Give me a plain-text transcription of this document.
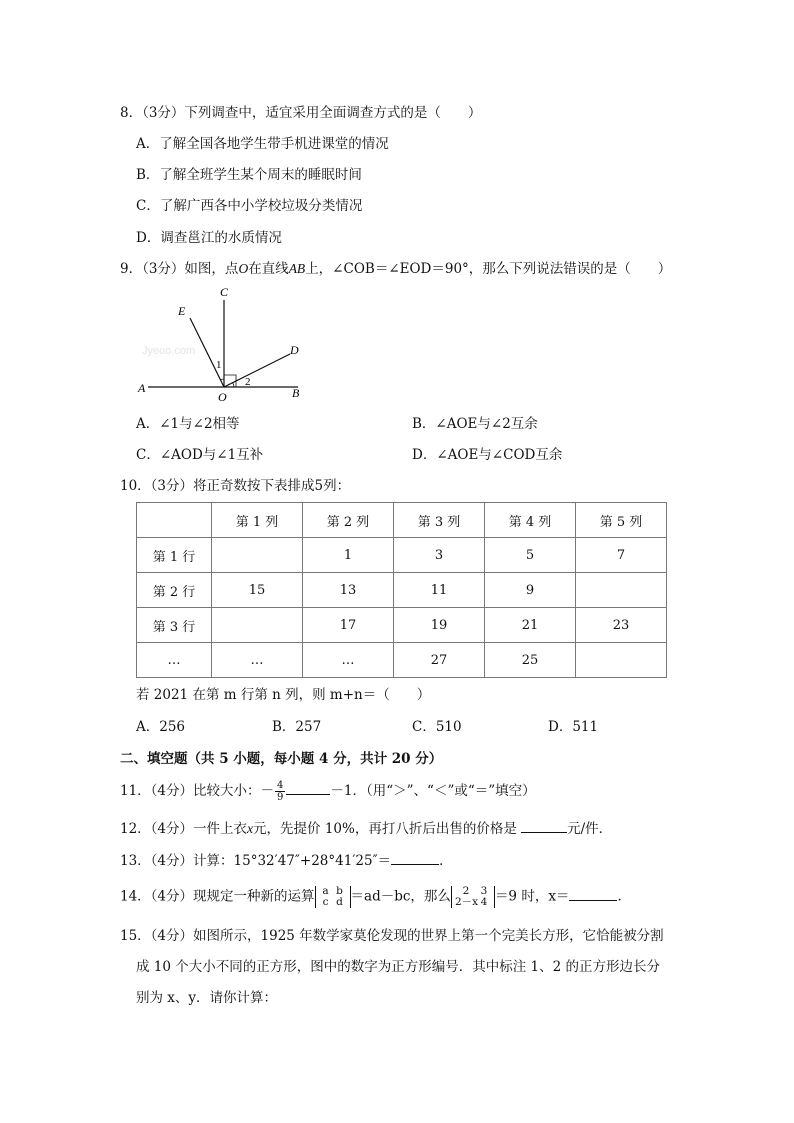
8．（3分）下列调查中，适宜采用全面调查方式的是（　　）
A．了解全国各地学生带手机进课堂的情况
B．了解全班学生某个周末的睡眠时间
C．了解广西各中小学校垃圾分类情况
D．调查邕江的水质情况
9．（3分）如图，点O在直线AB上，∠COB＝∠EOD＝90°，那么下列说法错误的是（　　）
Jyeoo.com
C
E
D
A
O	B
1
2
A．∠1与∠2相等	B．∠AOE与∠2互余
C．∠AOD与∠1互补	D．∠AOE与∠COD互余
10．（3分）将正奇数按下表排成5列：
	第 1 列	第 2 列	第 3 列	第 4 列	第 5 列
第 1 行		1	3	5	7
第 2 行	15	13	11	9	
第 3 行		17	19	21	23
…	…	…	27	25	
若 2021 在第 m 行第 n 列，则 m+n＝（　　）
A．256	B．257	C．510	D．511
二、填空题（共 5 小题，每小题 4 分，共计 20 分）
11．（4分）比较大小：－ $\frac{4}{9}$	－1．（用“＞”、“＜”或“＝”填空）
12．（4分）一件上衣x元，先提价 10%，再打八折后出售的价格是	元/件．
13．（4分）计算：15°32′47″+28°41′25″＝	．
14．（4分）现规定一种新的运算 a b
c d ＝ad－bc，那么 2 3
2－x 4 ＝9 时，x＝	．
15．（4分）如图所示，1925 年数学家莫伦发现的世界上第一个完美长方形，它恰能被分割
成 10 个大小不同的正方形，图中的数字为正方形编号．其中标注 1、2 的正方形边长分
别为 x、y．请你计算：
